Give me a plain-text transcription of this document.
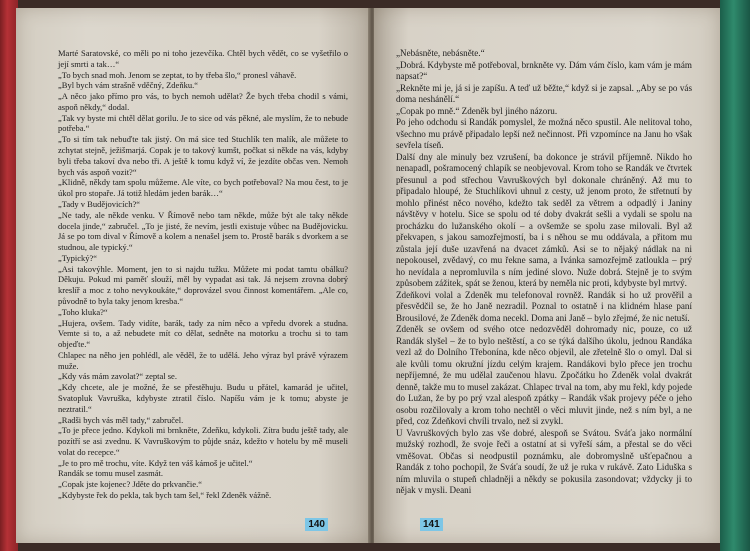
Marté Saratovské, co měli po ni toho jezevčíka. Chtěl bych vědět, co se vyšetřilo o její smrti a tak…“

„To bych snad moh. Jenom se zeptat, to by třeba šlo,“ pronesl váhavě.

„Byl bych vám strašně vděčný, Zdeňku.“

„A něco jako přímo pro vás, to bych nemoh udělat? Že bych třeba chodil s vámi, aspoň někdy,“ dodal.

„Tak vy byste mi chtěl dělat gorilu. Je to sice od vás pěkné, ale myslím, že to nebude potřeba.“

„To si tím tak nebuďte tak jistý. On má sice ted Stuchlík ten malík, ale můžete to zchytat stejně, ježišmarjá. Copak je to takový kumšt, počkat si někde na vás, kdyby byli třeba takoví dva nebo tři. A ještě k tomu když ví, že jezdíte občas ven. Nemoh bych vás aspoň vozit?“

„Klidně, někdy tam spolu můžeme. Ale víte, co bych potřeboval? Na mou čest, to je úkol pro stopaře. Já totiž hledám jeden barák…“

„Tady v Budějovicích?“

„Ne tady, ale někde venku. V Římově nebo tam někde, může být ale taky někde docela jinde,“ zabručel. „To je jisté, že nevím, jestli existuje vůbec na Budějovicku. Já se po tom dival v Římově a kolem a nenašel jsem to. Prostě barák s dvorkem a se studnou, ale typický.“

„Typický?“

„Asi takovýhle. Moment, jen to si najdu tužku. Můžete mi podat tamtu obálku? Děkuju. Pokud mi paměť slouží, měl by vypadat asi tak. Já nejsem zrovna dobrý kreslíř a moc z toho nevykoukáte,“ doprovázel svou činnost komentářem. „Ale co, původně to byla taky jenom kresba.“

„Toho kluka?“

„Hujera, ovšem. Tady vidíte, barák, tady za ním něco a vpředu dvorek a studna. Vemte si to, a až nebudete mít co dělat, sedněte na motorku a trochu si to tam objeďte.“

Chlapec na něho jen pohlédl, ale věděl, že to udělá. Jeho výraz byl právě výrazem muže.

„Kdy vás mám zavolat?“ zeptal se.

„Kdy chcete, ale je možné, že se přestěhuju. Budu u přátel, kamarád je učitel, Svatopluk Vavruška, kdybyste ztratil číslo. Napíšu vám je k tomu; abyste je neztratil.“

„Radši bych vás měl tady,“ zabručel.

„To je přece jedno. Kdykoli mi brnkněte, Zdeňku, kdykoli. Zítra budu ještě tady, ale pozítří se asi zvednu. K Vavruškovým to půjde snáz, kdežto v hotelu by mě museli volat do recepce.“

„Je to pro mě trochu, víte. Když ten váš kámoš je učitel.“

Randák se tomu musel zasmát.

„Copak jste kojenec? Jděte do prkvančie.“

„Kdybyste řek do pekla, tak bych tam šel,“ řekl Zdeněk vážně.

140

„Nebásněte, nebásněte.“

„Dobrá. Kdybyste mě potřeboval, brnkněte vy. Dám vám číslo, kam vám je mám napsat?“

„Rekněte mi je, já si je zapíšu. A teď už běžte,“ když si je zapsal. „Aby se po vás doma neshánělí.“

„Copak po mně.“ Zdeněk byl jiného názoru.

Po jeho odchodu si Randák pomyslel, že možná něco spustil. Ale nelitoval toho, všechno mu právě připadalo lepší než nečinnost. Při vzpomínce na Janu ho však sevřela tíseň.

Další dny ale minuly bez vzrušení, ba dokonce je strávil příjemně. Nikdo ho nenapadl, pošramocený chlapík se neobjevoval. Krom toho se Randák ve čtvrtek přesunul a pod střechou Vavruškových byl dokonale chráněný. Až mu to připadalo hloupé, že Stuchlíkovi uhnul z cesty, už jenom proto, že střetnutí by mohlo přinést něco nového, kdežto tak seděl za větrem a odpadlý i Janiny návštěvy v hotelu. Sice se spolu od té doby dvakrát sešli a vydali se spolu na procházku do lužanského okolí – a ovšemže se spolu zase milovali. Byl až překvapen, s jakou samozřejmostí, ba i s něhou se mu oddávala, a přitom mu zůstala její duše uzavřená na dvacet zámků. Asi se to nějaký nádlak na ni nepokousel, zvědavý, co mu řekne sama, a Ivánka samozřejmě zatloukla – prý ho nevídala a nepromluvila s ním jediné slovo. Nuže dobrá. Stejně je to svým způsobem zážitek, spát se ženou, která by neměla nic proti, kdybyste byl mrtvý.

Zdeňkovi volal a Zdeněk mu telefonoval rovněž. Randák si ho už prověřil a přesvědčil se, že ho Janě nezradil. Poznal to ostatně i na klidném hlase paní Brousilové, že Zdeněk doma necekl. Doma ani Janě – bylo zřejmé, že nic netuší.

Zdeněk se ovšem od svého otce nedozvěděl dohromady nic, pouze, co už Randák slyšel – že to bylo neštěstí, a co se týká dalšího úkolu, jednou Randáka vezl až do Dolního Třebonína, kde něco objevil, ale zřetelně šlo o omyl. Dal si ale kvůli tomu okružní jízdu celým krajem. Randákovi bylo přece jen trochu nepříjemné, že mu udělal zaučenou hlavu. Zpočátku ho Zdeněk volal dvakrát denně, takže mu to musel zakázat. Chlapec trval na tom, aby mu řekl, kdy pojede do Lužan, že by po prý vzal alespoň zpátky – Randák však projevy péče o jeho osobu rozčilovaly a krom toho nechtěl o věci mluvit jinde, než s ním byl, a ne před, coz Zdeňkovi chvíli trvalo, než si zvykl.

U Vavruškových bylo zas vše dobré, alespoň se Svátou. Sváťa jako normální mužský rozhodl, že svoje řeči a ostatní at si vyřeší sám, a přestal se do věci vměšovat. Občas si neodpustil poznámku, ale dobromyslně ušťepačnou a Randák z toho pochopil, že Sváťa soudí, že už je ruka v rukávě. Zato Liduška s ním mluvila o stupeň chladněji a někdy se pokusila zasondovat; vždycky ji to nějak v mysli. Deani

141
